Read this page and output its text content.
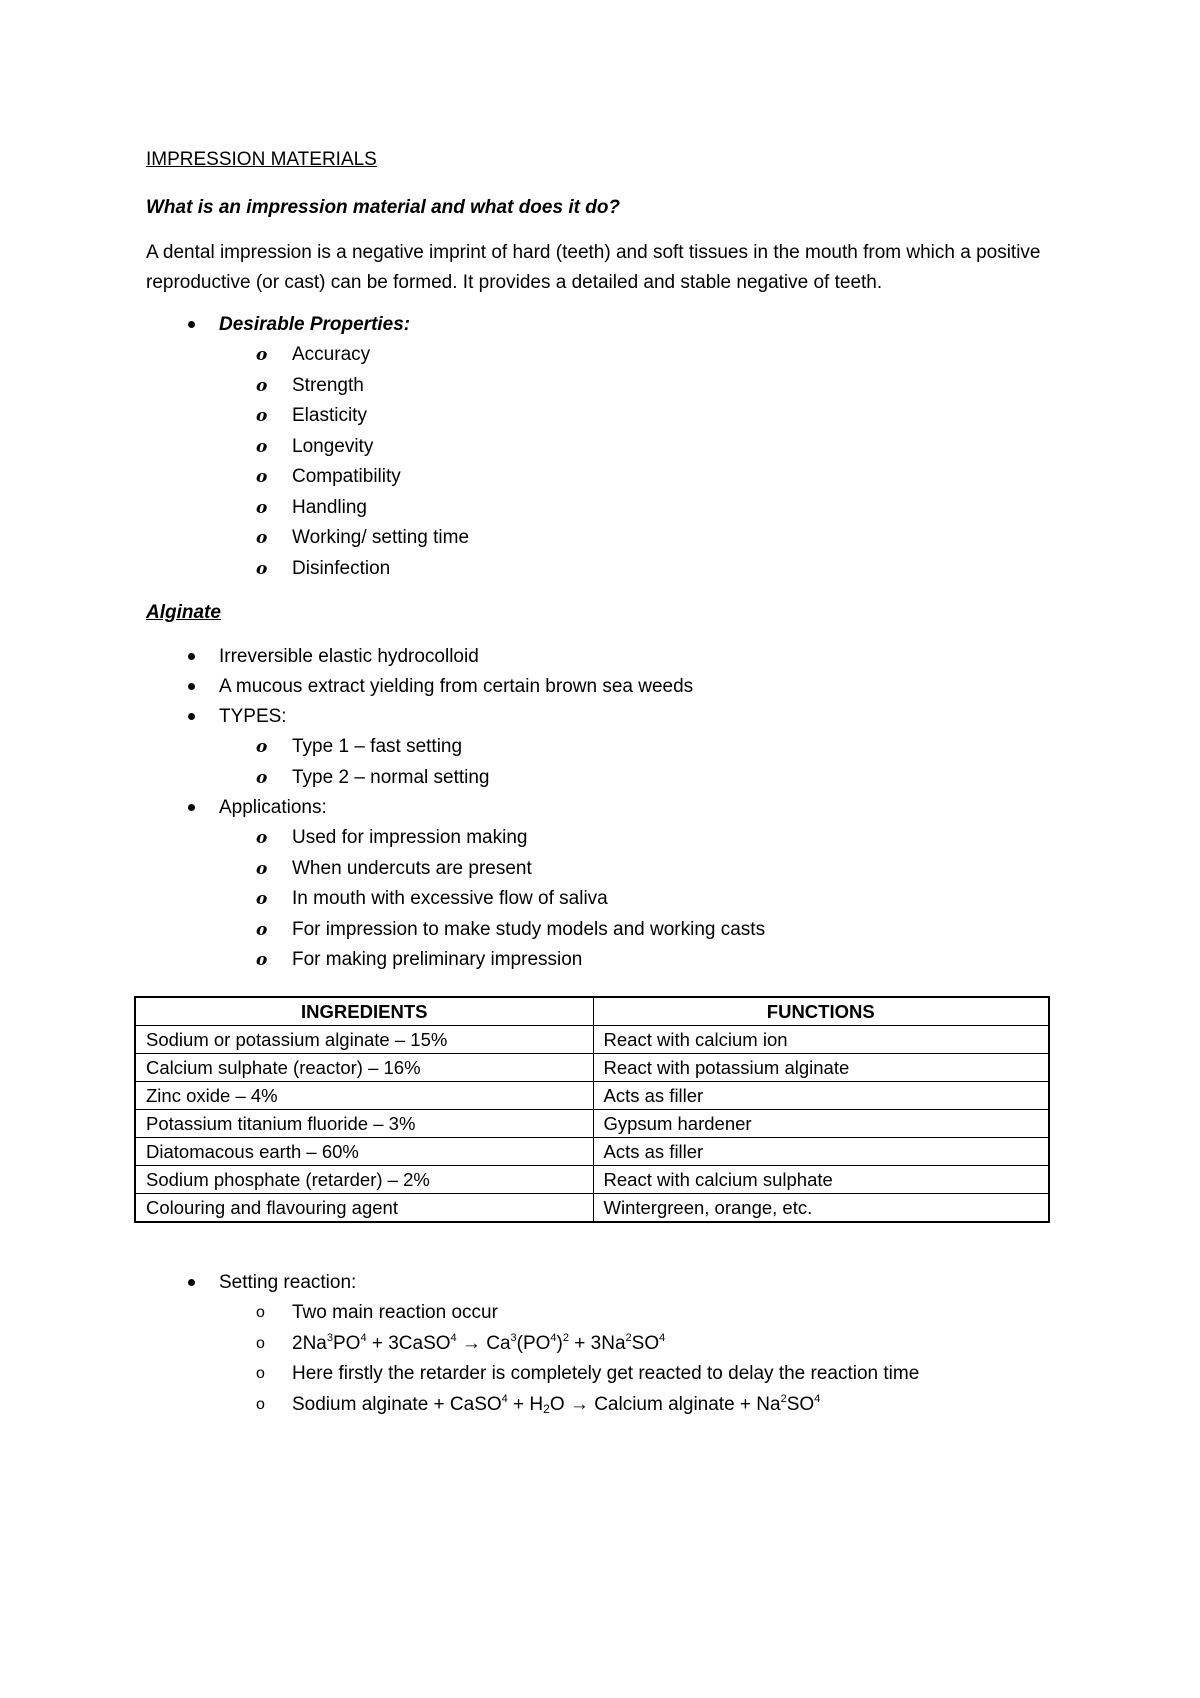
IMPRESSION MATERIALS
What is an impression material and what does it do?
A dental impression is a negative imprint of hard (teeth) and soft tissues in the mouth from which a positive reproductive (or cast) can be formed. It provides a detailed and stable negative of teeth.
Desirable Properties:
o Accuracy
o Strength
o Elasticity
o Longevity
o Compatibility
o Handling
o Working/ setting time
o Disinfection
Alginate
Irreversible elastic hydrocolloid
A mucous extract yielding from certain brown sea weeds
TYPES:
o Type 1 – fast setting
o Type 2 – normal setting
Applications:
o Used for impression making
o When undercuts are present
o In mouth with excessive flow of saliva
o For impression to make study models and working casts
o For making preliminary impression
INGREDIENTS	FUNCTIONS
Sodium or potassium alginate – 15%	React with calcium ion
Calcium sulphate (reactor) – 16%	React with potassium alginate
Zinc oxide – 4%	Acts as filler
Potassium titanium fluoride – 3%	Gypsum hardener
Diatomacous earth – 60%	Acts as filler
Sodium phosphate (retarder) – 2%	React with calcium sulphate
Colouring and flavouring agent	Wintergreen, orange, etc.
Setting reaction:
o Two main reaction occur
o $2Na^3PO^4$ + 3CaSO$^4$ → $Ca^3(PO^4)^2 + 3Na^2SO^4$
o Here firstly the retarder is completely get reacted to delay the reaction time
o Sodium alginate + CaSO$^4$ + $H_2O$ → Calcium alginate + $Na^2SO^4$
